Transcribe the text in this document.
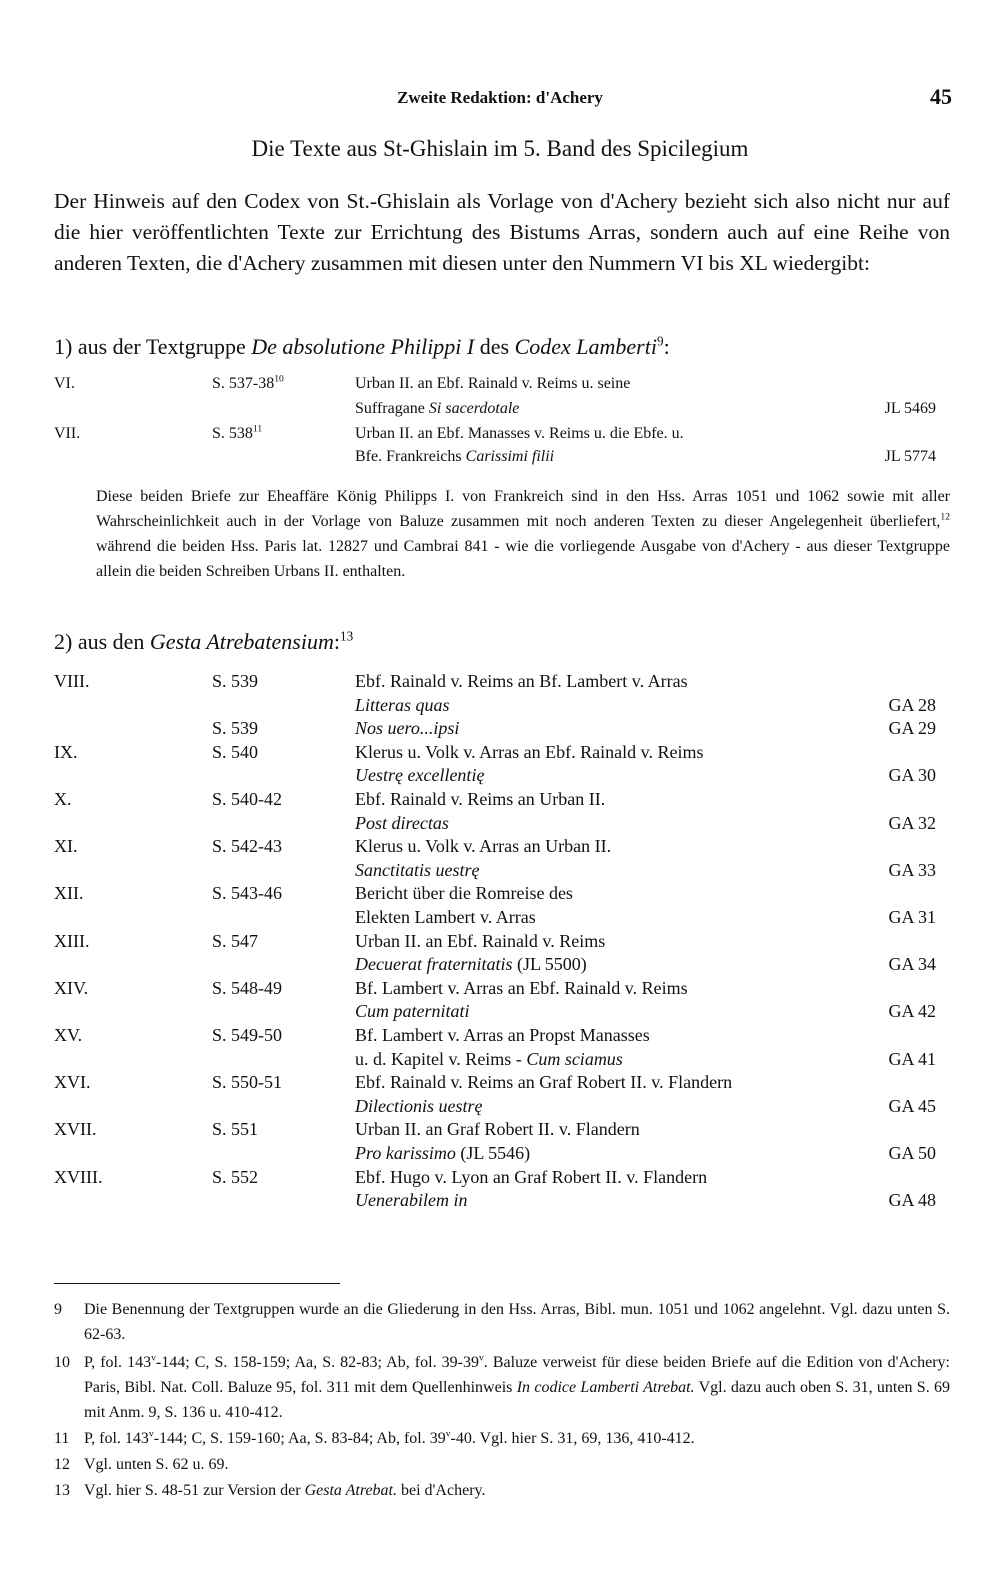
Zweite Redaktion: d'Achery	45
Die Texte aus St-Ghislain im 5. Band des Spicilegium
Der Hinweis auf den Codex von St.-Ghislain als Vorlage von d'Achery bezieht sich also nicht nur auf die hier veröffentlichten Texte zur Errichtung des Bistums Arras, sondern auch auf eine Reihe von anderen Texten, die d'Achery zusammen mit diesen unter den Nummern VI bis XL wiedergibt:
1) aus der Textgruppe De absolutione Philippi I des Codex Lamberti$^9$:
VI.	S. $537-38^{10}$	Urban II. an Ebf. Rainald v. Reims u. seine
Suffragane Si sacerdotale	JL 5469
VII.	S. $538^{11}$	Urban II. an Ebf. Manasses v. Reims u. die Ebfe. u.
Bfe. Frankreichs Carissimi filii	JL 5774
Diese beiden Briefe zur Eheaffäre König Philipps I. von Frankreich sind in den Hss. Arras 1051 und 1062 sowie mit aller Wahrscheinlichkeit auch in der Vorlage von Baluze zusammen mit noch anderen Texten zu dieser Angelegenheit überliefert,$^{12}$ während die beiden Hss. Paris lat. 12827 und Cambrai 841 - wie die vorliegende Ausgabe von d'Achery - aus dieser Textgruppe allein die beiden Schreiben Urbans II. enthalten.
2) aus den Gesta Atrebatensium:$^{13}$
VIII.	S. 539	Ebf. Rainald v. Reims an Bf. Lambert v. Arras
Litteras quas	GA 28
S. 539	Nos uero...ipsi	GA 29
IX.	S. 540	Klerus u. Volk v. Arras an Ebf. Rainald v. Reims
Uestrę excellentię	GA 30
X.	S. 540-42	Ebf. Rainald v. Reims an Urban II.
Post directas	GA 32
XI.	S. 542-43	Klerus u. Volk v. Arras an Urban II.
Sanctitatis uestrę	GA 33
XII.	S. 543-46	Bericht über die Romreise des
Elekten Lambert v. Arras	GA 31
XIII.	S. 547	Urban II. an Ebf. Rainald v. Reims
Decuerat fraternitatis (JL 5500)	GA 34
XIV.	S. 548-49	Bf. Lambert v. Arras an Ebf. Rainald v. Reims
Cum paternitati	GA 42
XV.	S. 549-50	Bf. Lambert v. Arras an Propst Manasses
u. d. Kapitel v. Reims - Cum sciamus	GA 41
XVI.	S. 550-51	Ebf. Rainald v. Reims an Graf Robert II. v. Flandern
Dilectionis uestrę	GA 45
XVII.	S. 551	Urban II. an Graf Robert II. v. Flandern
Pro karissimo (JL 5546)	GA 50
XVIII.	S. 552	Ebf. Hugo v. Lyon an Graf Robert II. v. Flandern
Uenerabilem in	GA 48
9 Die Benennung der Textgruppen wurde an die Gliederung in den Hss. Arras, Bibl. mun. 1051 und 1062 angelehnt. Vgl. dazu unten S. 62-63.
10 P, fol. 143$^v$-144; C, S. 158-159; Aa, S. 82-83; Ab, fol. 39-39$^v$. Baluze verweist für diese beiden Briefe auf die Edition von d'Achery: Paris, Bibl. Nat. Coll. Baluze 95, fol. 311 mit dem Quellenhinweis In codice Lamberti Atrebat. Vgl. dazu auch oben S. 31, unten S. 69 mit Anm. 9, S. 136 u. 410-412.
11 P, fol. 143$^v$-144; C, S. 159-160; Aa, S. 83-84; Ab, fol. 39$^v$-40. Vgl. hier S. 31, 69, 136, 410-412.
12 Vgl. unten S. 62 u. 69.
13 Vgl. hier S. 48-51 zur Version der Gesta Atrebat. bei d'Achery.
